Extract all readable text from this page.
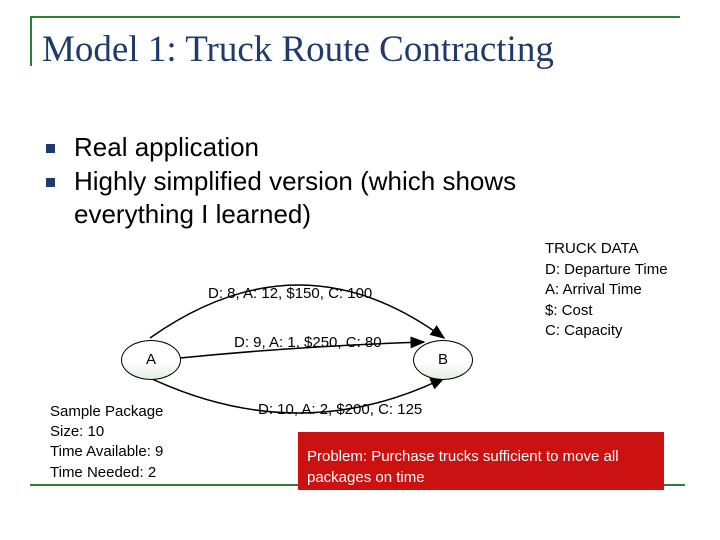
Model 1: Truck Route Contracting
Real application
Highly simplified version (which shows everything I learned)
A	B
D: 8, A: 12, $150, C: 100
D: 9, A: 1, $250, C: 80
D: 10, A: 2, $200, C: 125
TRUCK DATA
D: Departure Time
A: Arrival Time
$: Cost
C: Capacity
Sample Package
Size: 10
Time Available: 9
Time Needed: 2
Problem: Purchase trucks sufficient to move all packages on time
